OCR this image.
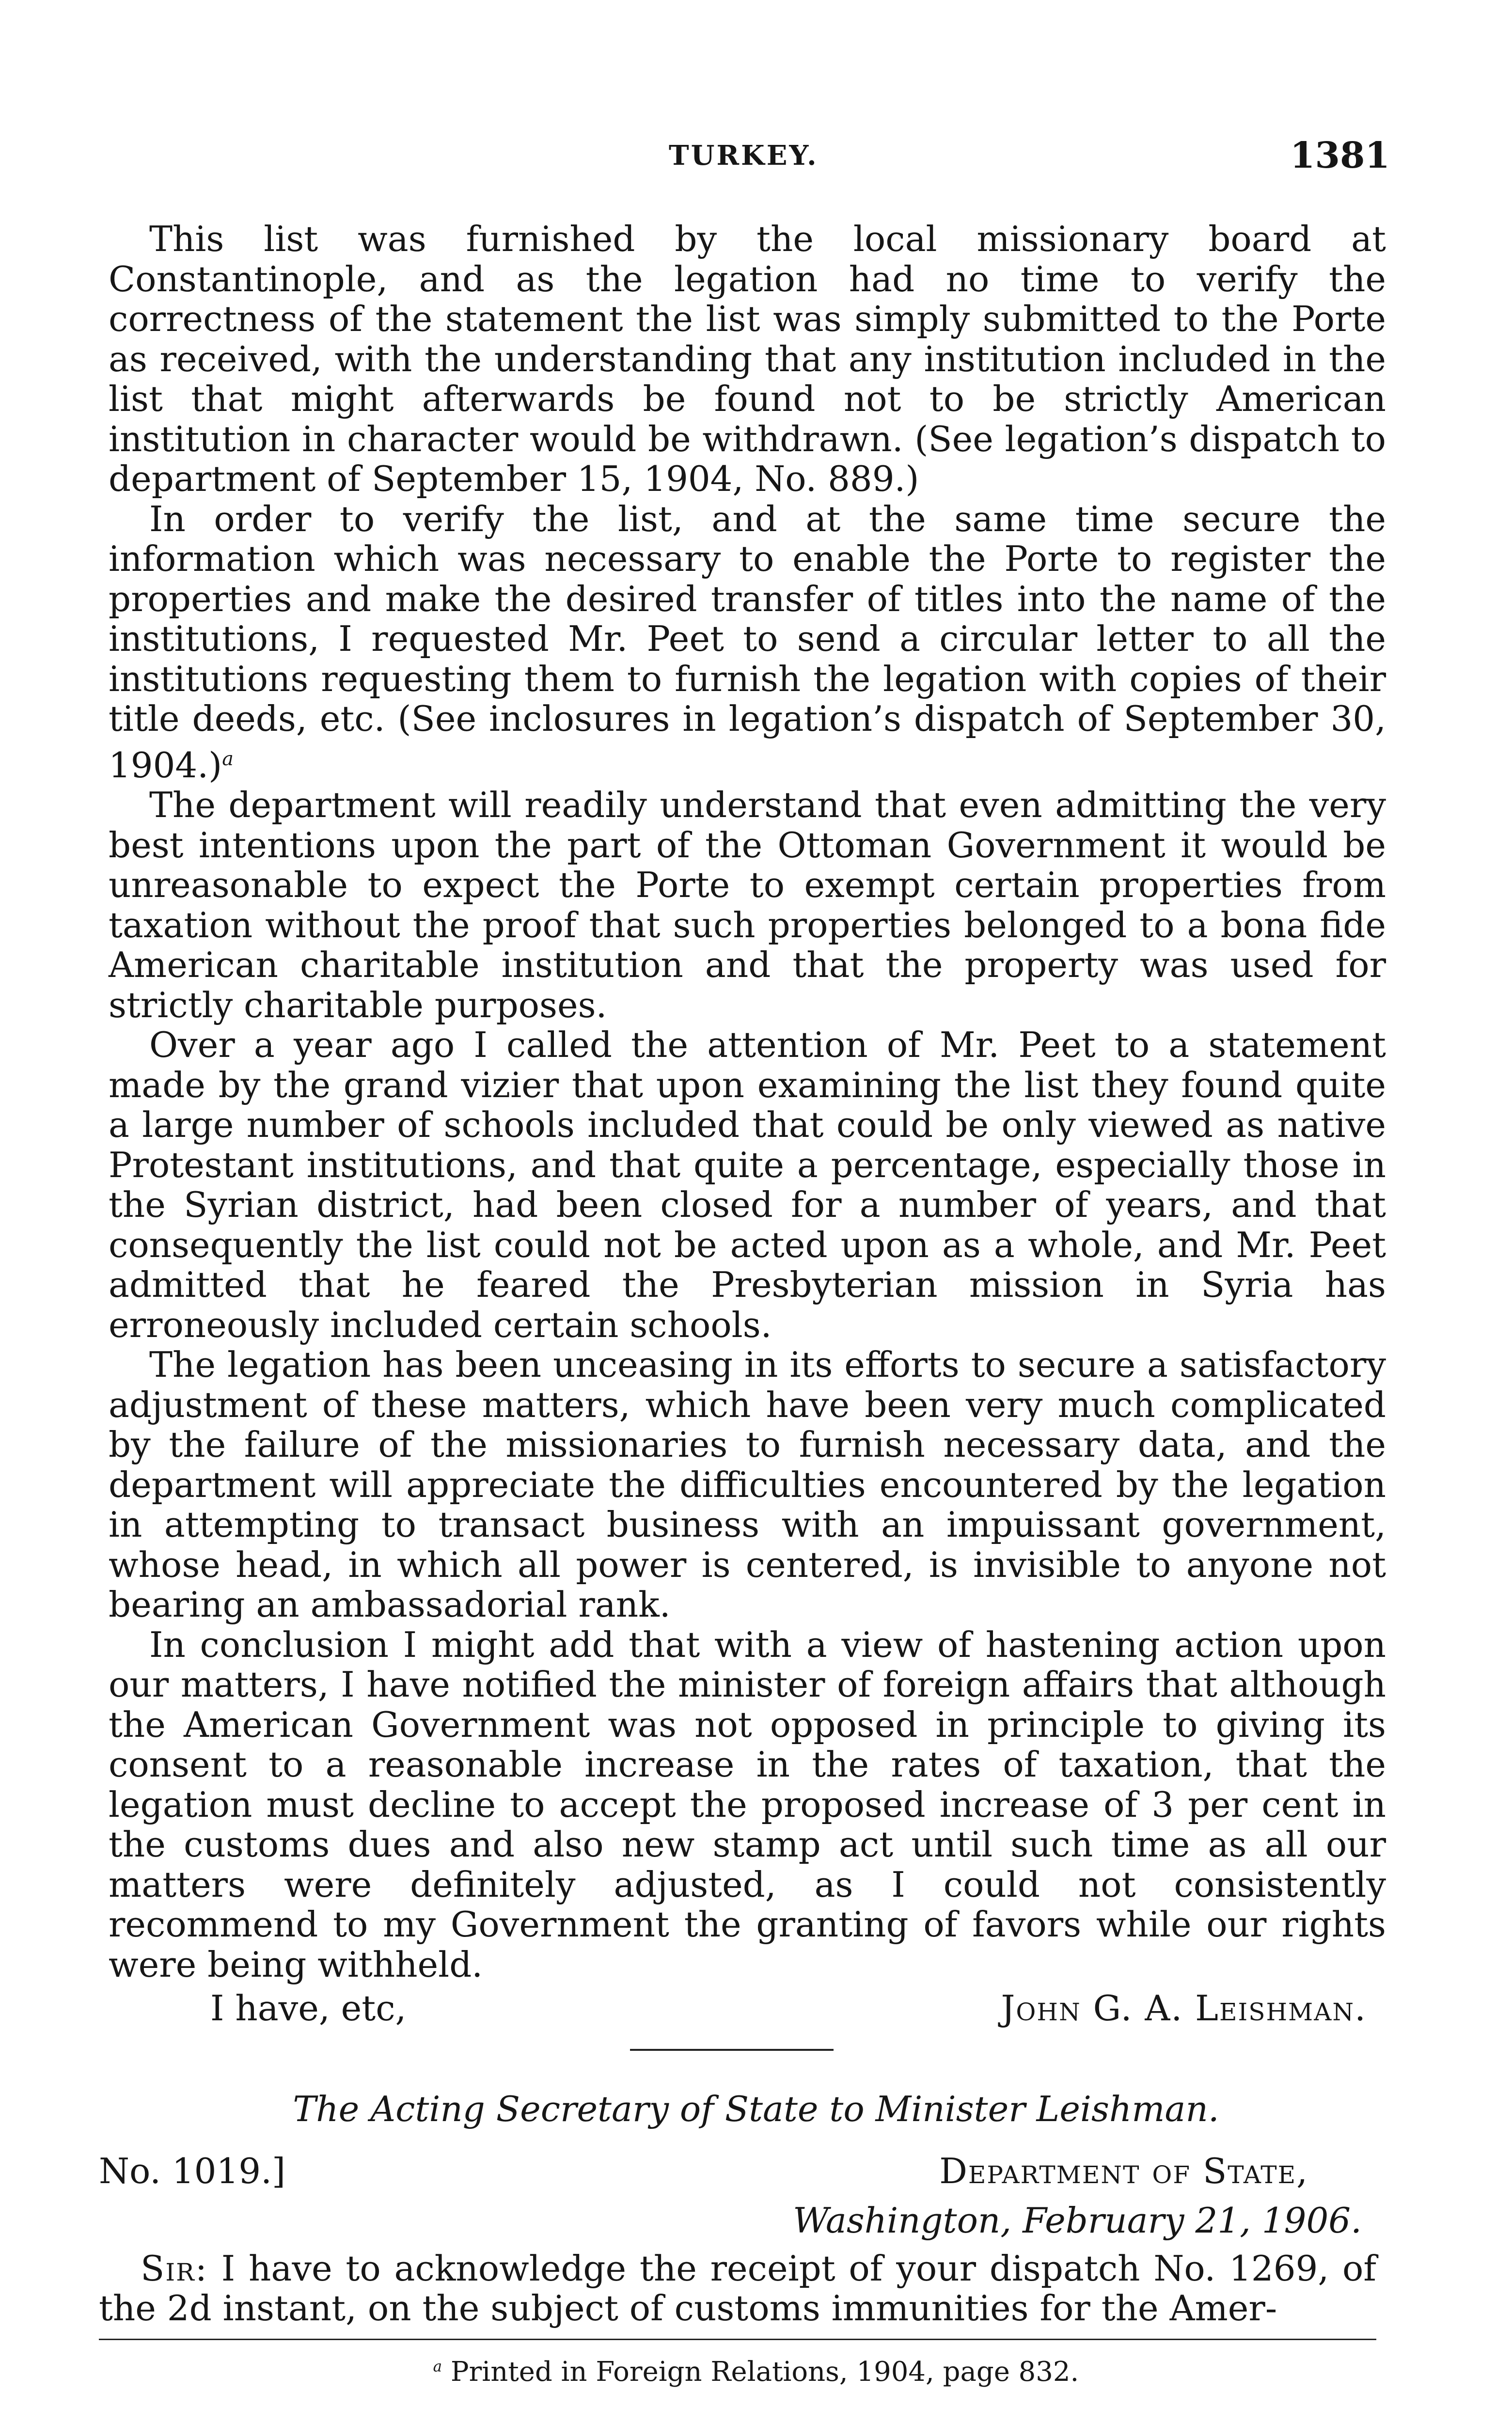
TURKEY.	1381

This list was furnished by the local missionary board at Constantinople, and as the legation had no time to verify the correctness of the statement the list was simply submitted to the Porte as received, with the understanding that any institution included in the list that might afterwards be found not to be strictly American institution in character would be withdrawn. (See legation’s dispatch to department of September 15, 1904, No. 889.)

In order to verify the list, and at the same time secure the information which was necessary to enable the Porte to register the properties and make the desired transfer of titles into the name of the institutions, I requested Mr. Peet to send a circular letter to all the institutions requesting them to furnish the legation with copies of their title deeds, etc. (See inclosures in legation’s dispatch of September 30, 1904.)$^a$

The department will readily understand that even admitting the very best intentions upon the part of the Ottoman Government it would be unreasonable to expect the Porte to exempt certain properties from taxation without the proof that such properties belonged to a bona fide American charitable institution and that the property was used for strictly charitable purposes.

Over a year ago I called the attention of Mr. Peet to a statement made by the grand vizier that upon examining the list they found quite a large number of schools included that could be only viewed as native Protestant institutions, and that quite a percentage, especially those in the Syrian district, had been closed for a number of years, and that consequently the list could not be acted upon as a whole, and Mr. Peet admitted that he feared the Presbyterian mission in Syria has erroneously included certain schools.

The legation has been unceasing in its efforts to secure a satisfactory adjustment of these matters, which have been very much complicated by the failure of the missionaries to furnish necessary data, and the department will appreciate the difficulties encountered by the legation in attempting to transact business with an impuissant government, whose head, in which all power is centered, is invisible to anyone not bearing an ambassadorial rank.

In conclusion I might add that with a view of hastening action upon our matters, I have notified the minister of foreign affairs that although the American Government was not opposed in principle to giving its consent to a reasonable increase in the rates of taxation, that the legation must decline to accept the proposed increase of 3 per cent in the customs dues and also new stamp act until such time as all our matters were definitely adjusted, as I could not consistently recommend to my Government the granting of favors while our rights were being withheld.

I have, etc,	John G. A. Leishman.
The Acting Secretary of State to Minister Leishman.
No. 1019.]	Department of State,
Washington, February 21, 1906.

Sir: I have to acknowledge the receipt of your dispatch No. 1269, of the 2d instant, on the subject of customs immunities for the Amer-

$^a$ Printed in Foreign Relations, 1904, page 832.
